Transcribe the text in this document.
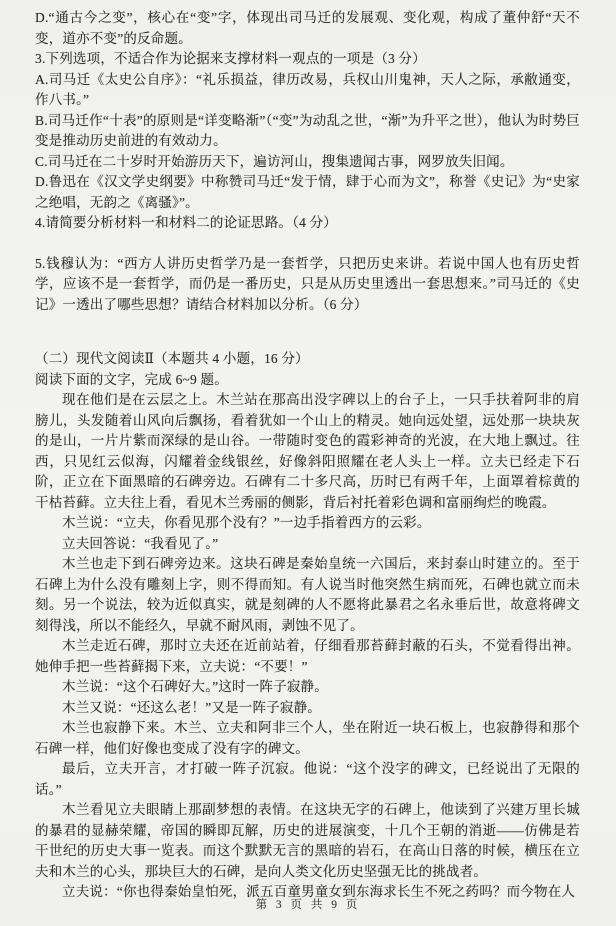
D.“通古今之变”，核心在“变”字，体现出司马迁的发展观、变化观，构成了董仲舒“天不变，道亦不变”的反命题。

3.下列选项，不适合作为论据来支撑材料一观点的一项是（3 分）

A.司马迁《太史公自序》：“礼乐损益，律历改易，兵权山川鬼神，天人之际，承敝通变，作八书。”

B.司马迁作“十表”的原则是“详变略渐”（“变”为动乱之世，“渐”为升平之世），他认为时势巨变是推动历史前进的有效动力。

C.司马迁在二十岁时开始游历天下，遍访河山，搜集遗闻古事，网罗放失旧闻。

D.鲁迅在《汉文学史纲要》中称赞司马迁“发于情，肆于心而为文”，称誉《史记》为“史家之绝唱，无韵之《离骚》”。

4.请简要分析材料一和材料二的论证思路。（4 分）

5.钱穆认为：“西方人讲历史哲学乃是一套哲学，只把历史来讲。若说中国人也有历史哲学，应该不是一套哲学，而仍是一番历史，只是从历史里透出一套思想来。”司马迁的《史记》一透出了哪些思想？请结合材料加以分析。（6 分）

（二）现代文阅读Ⅱ（本题共 4 小题，16 分）

阅读下面的文字，完成 6~9 题。

现在他们是在云层之上。木兰站在那高出没字碑以上的台子上，一只手扶着阿非的肩膀儿，头发随着山风向后飘扬，看着犹如一个山上的精灵。她向远处望，远处那一块块灰的是山，一片片紫而深绿的是山谷。一带随时变色的霞彩神奇的光波，在大地上飘过。往西，只见红云似海，闪耀着金线银丝，好像斜阳照耀在老人头上一样。立夫已经走下石阶，正立在下面黑暗的石碑旁边。石碑有二十多尺高，历时已有两千年，上面罩着棕黄的干枯苔藓。立夫往上看，看见木兰秀丽的侧影，背后衬托着彩色调和富丽绚烂的晚霞。

木兰说：“立夫，你看见那个没有？”一边手指着西方的云彩。

立夫回答说：“我看见了。”

木兰也走下到石碑旁边来。这块石碑是秦始皇统一六国后，来封泰山时建立的。至于石碑上为什么没有雕刻上字，则不得而知。有人说当时他突然生病而死，石碑也就立而未刻。另一个说法，较为近似真实，就是刻碑的人不愿将此暴君之名永垂后世，故意将碑文刻得浅，所以不能经久，早就不耐风雨，剥蚀不见了。

木兰走近石碑，那时立夫还在近前站着，仔细看那苔藓封蔽的石头，不觉看得出神。她伸手把一些苔藓揭下来，立夫说：“不要！”

木兰说：“这个石碑好大。”这时一阵子寂静。

木兰又说：“还这么老！”又是一阵子寂静。

木兰也寂静下来。木兰、立夫和阿非三个人，坐在附近一块石板上，也寂静得和那个石碑一样，他们好像也变成了没有字的碑文。

最后，立夫开言，才打破一阵子沉寂。他说：“这个没字的碑文，已经说出了无限的话。”

木兰看见立夫眼睛上那副梦想的表情。在这块无字的石碑上，他读到了兴建万里长城的暴君的显赫荣耀，帝国的瞬即瓦解，历史的进展演变，十几个王朝的消逝——仿佛是若干世纪的历史大事一览表。而这个默默无言的黑暗的岩石，在高山日落的时候，横压在立夫和木兰的心头，那块巨大的石碑，是向人类文化历史坚强无比的挑战者。

立夫说：“你也得秦始皇怕死，派五百童男童女到东海求长生不死之药吗？而今物在人

第 3 页 共 9 页
